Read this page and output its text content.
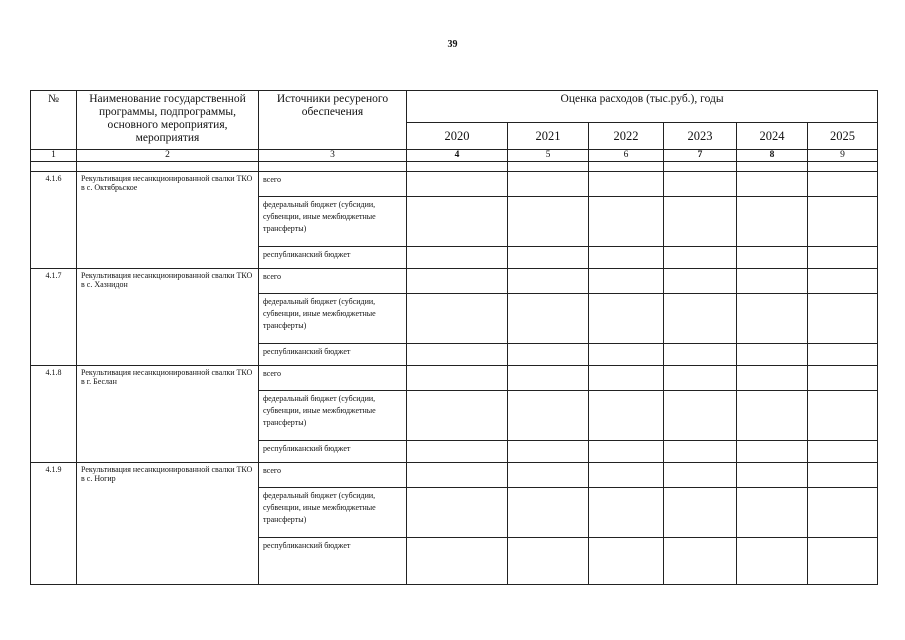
39
№	Наименование государственной программы, подпрограммы, основного мероприятия, мероприятия	Источники ресуреного обеспечения	Оценка расходов (тыс.руб.), годы					
			2020	2021	2022	2023	2024	2025
1	2	3	4	5	6	7	8	9

4.1.6	Рекультивация несанкционированной свалки ТКО в с. Октябрьское	всего						
		федеральный бюджет (субсидии, субвенции, иные межбюджетные трансферты)						
		республиканский бюджет						
4.1.7	Рекультивация несанкционированной свалки ТКО в с. Хазнидон	всего						
		федеральный бюджет (субсидии, субвенции, иные межбюджетные трансферты)						
		республиканский бюджет						
4.1.8	Рекультивация несанкционированной свалки ТКО в г. Беслан	всего						
		федеральный бюджет (субсидии, субвенции, иные межбюджетные трансферты)						
		республиканский бюджет						
4.1.9	Рекультивация несанкционированной свалки ТКО в с. Ногир	всего						
		федеральный бюджет (субсидии, субвенции, иные межбюджетные трансферты)						
		республиканский бюджет						
